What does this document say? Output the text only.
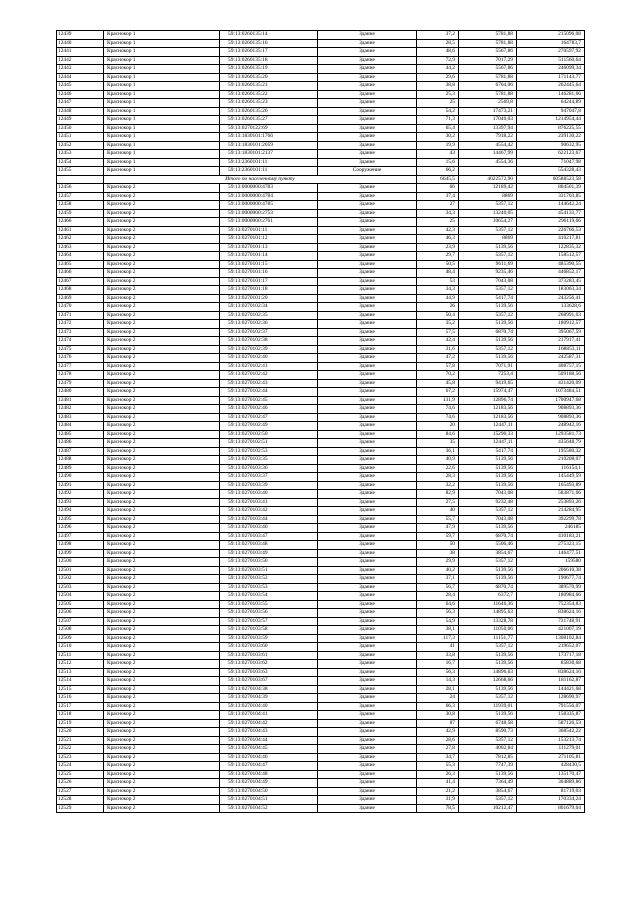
12439	Краснокор 1	59:13:0260135:14	Здание	37,2	5781,88	215096,08
12440	Краснокор 1	59:13:0260135:16	Здание	28,5	5781,88	164783,7
12441	Краснокор 1	59:13:0260135:17	Здание	48,6	5567,86	270597,92
12442	Краснокор 1	59:13:0260135:18	Здание	72,9	7017,29	511560,64
12443	Краснокор 1	59:13:0260135:19	Здание	44,2	5567,86	246099,34
12444	Краснокор 1	59:13:0260135:20	Здание	29,6	5781,88	171143,77
12445	Краснокор 1	59:13:0260135:21	Здание	38,8	6764,06	262445,64
12446	Краснокор 1	59:13:0260135:22	Здание	25,3	5781,88	146281,66
12447	Краснокор 1	59:13:0260135:23	Здание	25	2569,8	64244,89
12448	Краснокор 1	59:13:0260135:26	Здание	54,2	17473,21	947047,8
12449	Краснокор 1	59:13:0260135:27	Здание	71,3	17040,03	1214954,44
12450	Краснокор 1	59:13:0270122:69	Здание	65,4	13397,94	876225,55
12451	Краснокор 1	59:13:1830101:1766	Здание	30,2	7918,22	239130,22
12452	Краснокор 1	59:13:1830101:2059	Здание	19,9	4554,42	90632,95
12453	Краснокор 1	59:13:1830101:2137	Здание	43	14467,99	622123,67
12454	Краснокор 1	59:13:2360101:11	Здание	15,6	4554,36	71047,98
12455	Краснокор 1	59:13:2360101:11	Сооружение	66,2		554328,43
	Итого по населенному пункту			6645,5	4022572,90	60588523,58
12456	Краснокор 2	59:13:0000000:4783	Здание	66	12189,42	804501,39
12457	Краснокор 2	59:13:0000000:4784	Здание	37,4	8869	331703,85
12458	Краснокор 2	59:13:0000000:4785	Здание	27	5357,12	144642,24
12459	Краснокор 2	59:13:0000000:2753	Здание	34,3	13240,05	454133,77
12460	Краснокор 2	59:13:0000000:2761	Здание	25	10654,27	296119,66
12461	Краснокор 2	59:13:0270101:11	Здание	42,3	5357,12	226766,53
12462	Краснокор 2	59:13:0270101:12	Здание	46,3	8869	410217,81
12463	Краснокор 2	59:13:0270101:13	Здание	23,9	5139,56	122835,32
12464	Краснокор 2	59:13:0270101:14	Здание	29,7	5357,12	158512,57
12465	Краснокор 2	59:13:0270101:15	Здание	50,5	9611,69	485390,55
12466	Краснокор 2	59:13:0270101:16	Здание	48,4	9235,46	446852,17
12467	Краснокор 2	59:13:0270101:17	Здание	53	7043,08	373283,45
12468	Краснокор 2	59:13:0270101:18	Здание	34,3	5357,12	183063,34
12469	Краснокор 2	59:13:0270101:20	Здание	44,9	5417,74	243256,41
12470	Краснокор 2	59:13:0270102:34	Здание	26	5139,56	133628,6
12471	Краснокор 2	59:13:0270102:35	Здание	50,4	5357,12	268991,03
12472	Краснокор 2	59:13:0270102:36	Здание	35,2	5139,56	180912,57
12473	Краснокор 2	59:13:0270102:37	Здание	57,5	6870,74	395067,59
12474	Краснокор 2	59:13:0270102:38	Здание	42,4	5139,56	217917,41
12475	Краснокор 2	59:13:0270102:39	Здание	31,6	5357,12	168853,11
12476	Краснокор 2	59:13:0270102:40	Здание	47,2	5139,56	242587,31
12477	Краснокор 2	59:13:0270102:41	Здание	57,8	7071,91	408757,15
12478	Краснокор 2	59:13:0270102:42	Здание	70,2	7253,4	509188,56
12479	Краснокор 2	59:13:0270102:43	Здание	45,8	9419,65	431420,09
12480	Краснокор 2	59:13:0270102:44	Здание	67,2	15974,47	1073484,51
12481	Краснокор 2	59:13:0270102:45	Здание	131,9	12896,74	1700947,68
12482	Краснокор 2	59:13:0270102:46	Здание	74,6	12183,56	908893,36
12483	Краснокор 2	59:13:0270102:47	Здание	74,6	12183,56	908893,36
12484	Краснокор 2	59:13:0270102:49	Здание	20	12447,11	248942,16
12485	Краснокор 2	59:13:0270102:50	Здание	84,6	15290,33	1293581,73
12486	Краснокор 2	59:13:0270102:51	Здание	35	12447,11	435648,79
12487	Краснокор 2	59:13:0270102:53	Здание	36,1	5417,74	195580,32
12488	Краснокор 2	59:13:0270103:35	Здание	40,9	5139,56	210208,07
12489	Краснокор 2	59:13:0270103:36	Здание	22,6	5139,56	116154,1
12490	Краснокор 2	59:13:0270103:37	Здание	28,3	5139,56	145449,59
12491	Краснокор 2	59:13:0270103:39	Здание	32,2	5139,56	165493,89
12492	Краснокор 2	59:13:0270103:40	Здание	82,9	7043,08	583871,66
12493	Краснокор 2	59:13:0270103:41	Здание	27,5	9232,48	253893,26
12494	Краснокор 2	59:13:0270103:42	Здание	40	5357,12	214284,95
12495	Краснокор 2	59:13:0270103:44	Здание	55,7	7043,08	392299,78
12496	Краснокор 2	59:13:0270103:46	Здание	47,9	5139,56	246185
12497	Краснокор 2	59:13:0270103:47	Здание	59,7	6870,74	410183,21
12498	Краснокор 2	59:13:0270103:48	Здание	50	5506,46	275323,15
12499	Краснокор 2	59:13:0270103:49	Здание	38	3854,67	146477,51
12500	Краснокор 2	59:13:0270103:50	Здание	29,9	5357,12	159580
12501	Краснокор 2	59:13:0270103:51	Здание	40,2	5139,56	206610,38
12502	Краснокор 2	59:13:0270103:52	Здание	37,1	5139,56	190677,74
12503	Краснокор 2	59:13:0270103:53	Здание	56,7	6870,74	389570,99
12504	Краснокор 2	59:13:0270103:54	Здание	28,4	6372,7	180984,66
12505	Краснокор 2	59:13:0270103:55	Здание	64,6	11646,36	752354,83
12506	Краснокор 2	59:13:0270103:56	Здание	56,3	14895,63	838624,16
12507	Краснокор 2	59:13:0270103:57	Здание	54,9	13328,78	731748,91
12508	Краснокор 2	59:13:0270103:58	Здание	38,1	11050,06	421007,19
12509	Краснокор 2	59:13:0270103:59	Здание	117,3	11151,77	1308102,84
12510	Краснокор 2	59:13:0270103:60	Здание	41	5357,12	219652,07
12511	Краснокор 2	59:13:0270103:61	Здание	33,8	5139,56	173717,18
12512	Краснокор 2	59:13:0270103:62	Здание	16,7	5139,56	85830,68
12513	Краснокор 2	59:13:0270103:63	Здание	56,3	14896,63	838624,16
12514	Краснокор 2	59:13:0270103:67	Здание	14,3	12668,66	181162,87
12515	Краснокор 2	59:13:0270104:38	Здание	28,1	5139,56	144421,68
12516	Краснокор 2	59:13:0270104:39	Здание	24	5357,12	128690,97
12517	Краснокор 2	59:13:0270104:40	Здание	66,3	11939,01	791556,07
12518	Краснокор 2	59:13:0270104:41	Здание	30,8	5139,56	158335,87
12519	Краснокор 2	59:13:0270104:42	Здание	87	6748,58	587126,53
12520	Краснокор 2	59:13:0270104:43	Здание	42,9	8590,73	368542,22
12521	Краснокор 2	59:13:0270104:44	Здание	28,6	5357,12	153213,74
12522	Краснокор 2	59:13:0270104:45	Здание	27,8	4002,84	111279,01
12523	Краснокор 2	59:13:0270104:46	Здание	34,7	7812,85	271105,81
12524	Краснокор 2	59:13:0270104:47	Здание	55,3	7747,39	428430,5
12525	Краснокор 2	59:13:0270104:48	Здание	26,3	5139,56	135170,47
12526	Краснокор 2	59:13:0270104:49	Здание	41,4	7364,49	304889,86
12527	Краснокор 2	59:13:0270104:50	Здание	21,2	3854,67	81719,03
12528	Краснокор 2	59:13:0270104:51	Здание	31,9	5357,12	170334,24
12529	Краснокор 2	59:13:0270104:52	Здание	78,5	10212,47	801679,04
